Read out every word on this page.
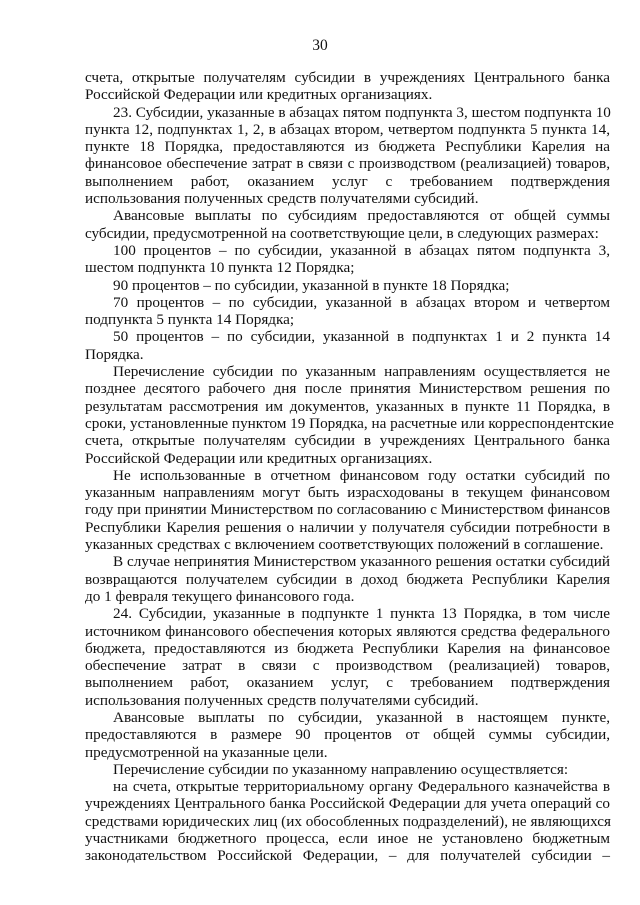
30
счета, открытые получателям субсидии в учреждениях Центрального банка
Российской Федерации или кредитных организациях.
23. Субсидии, указанные в абзацах пятом подпункта 3, шестом подпункта 10
пункта 12, подпунктах 1, 2, в абзацах втором, четвертом подпункта 5 пункта 14,
пункте 18 Порядка, предоставляются из бюджета Республики Карелия на
финансовое обеспечение затрат в связи с производством (реализацией) товаров,
выполнением работ, оказанием услуг с требованием подтверждения
использования полученных средств получателями субсидий.
Авансовые выплаты по субсидиям предоставляются от общей суммы
субсидии, предусмотренной на соответствующие цели, в следующих размерах:
100 процентов – по субсидии, указанной в абзацах пятом подпункта 3,
шестом подпункта 10 пункта 12 Порядка;
90 процентов – по субсидии, указанной в пункте 18 Порядка;
70 процентов – по субсидии, указанной в абзацах втором и четвертом
подпункта 5 пункта 14 Порядка;
50 процентов – по субсидии, указанной в подпунктах 1 и 2 пункта 14
Порядка.
Перечисление субсидии по указанным направлениям осуществляется не
позднее десятого рабочего дня после принятия Министерством решения по
результатам рассмотрения им документов, указанных в пункте 11 Порядка, в
сроки, установленные пунктом 19 Порядка, на расчетные или корреспондентские
счета, открытые получателям субсидии в учреждениях Центрального банка
Российской Федерации или кредитных организациях.
Не использованные в отчетном финансовом году остатки субсидий по
указанным направлениям могут быть израсходованы в текущем финансовом
году при принятии Министерством по согласованию с Министерством финансов
Республики Карелия решения о наличии у получателя субсидии потребности в
указанных средствах с включением соответствующих положений в соглашение.
В случае непринятия Министерством указанного решения остатки субсидий
возвращаются получателем субсидии в доход бюджета Республики Карелия
до 1 февраля текущего финансового года.
24. Субсидии, указанные в подпункте 1 пункта 13 Порядка, в том числе
источником финансового обеспечения которых являются средства федерального
бюджета, предоставляются из бюджета Республики Карелия на финансовое
обеспечение затрат в связи с производством (реализацией) товаров,
выполнением работ, оказанием услуг, с требованием подтверждения
использования полученных средств получателями субсидий.
Авансовые выплаты по субсидии, указанной в настоящем пункте,
предоставляются в размере 90 процентов от общей суммы субсидии,
предусмотренной на указанные цели.
Перечисление субсидии по указанному направлению осуществляется:
на счета, открытые территориальному органу Федерального казначейства в
учреждениях Центрального банка Российской Федерации для учета операций со
средствами юридических лиц (их обособленных подразделений), не являющихся
участниками бюджетного процесса, если иное не установлено бюджетным
законодательством Российской Федерации, – для получателей субсидии –
